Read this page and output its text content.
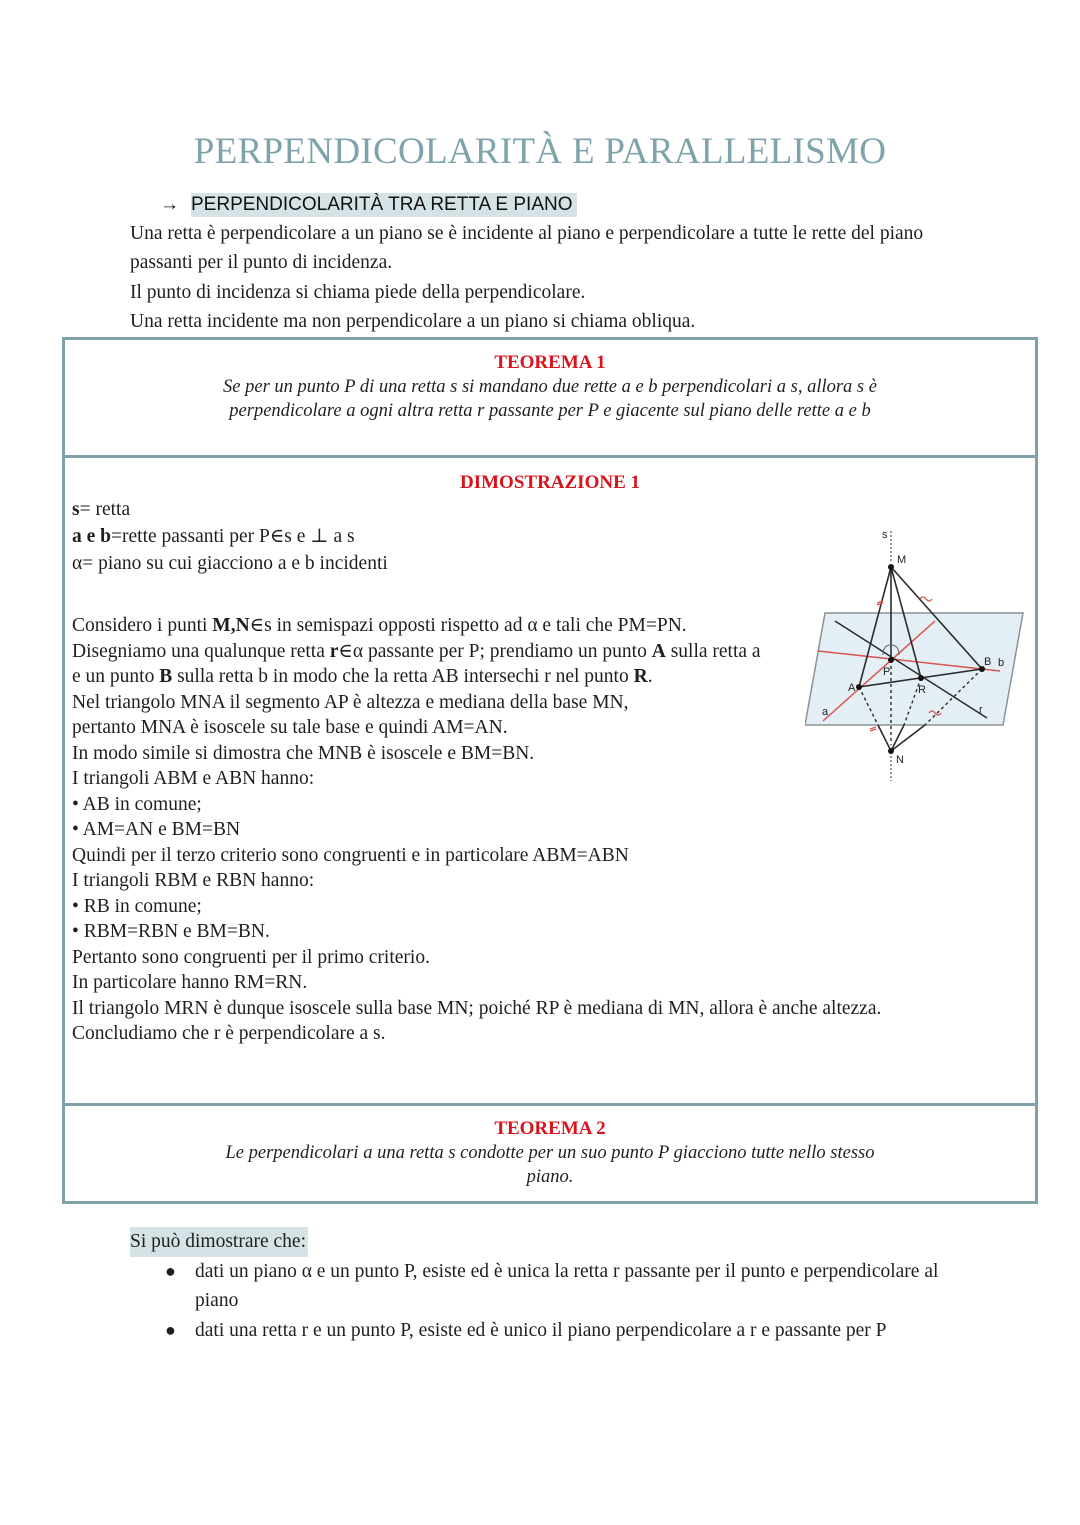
PERPENDICOLARITÀ E PARALLELISMO
→ PERPENDICOLARITÀ TRA RETTA E PIANO

Una retta è perpendicolare a un piano se è incidente al piano e perpendicolare a tutte le rette del piano passanti per il punto di incidenza.

Il punto di incidenza si chiama piede della perpendicolare.

Una retta incidente ma non perpendicolare a un piano si chiama obliqua.

TEOREMA 1
Se per un punto P di una retta s si mandano due rette a e b perpendicolari a s, allora s è perpendicolare a ogni altra retta r passante per P e giacente sul piano delle rette a e b
DIMOSTRAZIONE 1

s= retta

a e b=rette passanti per P∈s e ⊥ a s

α= piano su cui giacciono a e b incidenti

Considero i punti M,N∈s in semispazi opposti rispetto ad α e tali che PM=PN.

Disegniamo una qualunque retta r∈α passante per P; prendiamo un punto A sulla retta a e un punto B sulla retta b in modo che la retta AB intersechi r nel punto R.

Nel triangolo MNA il segmento AP è altezza e mediana della base MN,

pertanto MNA è isoscele su tale base e quindi AM=AN.

In modo simile si dimostra che MNB è isoscele e BM=BN.

I triangoli ABM e ABN hanno:

• AB in comune;

• AM=AN e BM=BN

Quindi per il terzo criterio sono congruenti e in particolare ABM=ABN

I triangoli RBM e RBN hanno:

• RB in comune;

• RBM=RBN e BM=BN.

Pertanto sono congruenti per il primo criterio.

In particolare hanno RM=RN.

Il triangolo MRN è dunque isoscele sulla base MN; poiché RP è mediana di MN, allora è anche altezza.

Concludiamo che r è perpendicolare a s.

s
M
P
A	R
B b
a	r
N
TEOREMA 2
Le perpendicolari a una retta s condotte per un suo punto P giacciono tutte nello stesso piano.
Si può dimostrare che:
● dati un piano α e un punto P, esiste ed è unica la retta r passante per il punto e perpendicolare al piano
● dati una retta r e un punto P, esiste ed è unico il piano perpendicolare a r e passante per P
